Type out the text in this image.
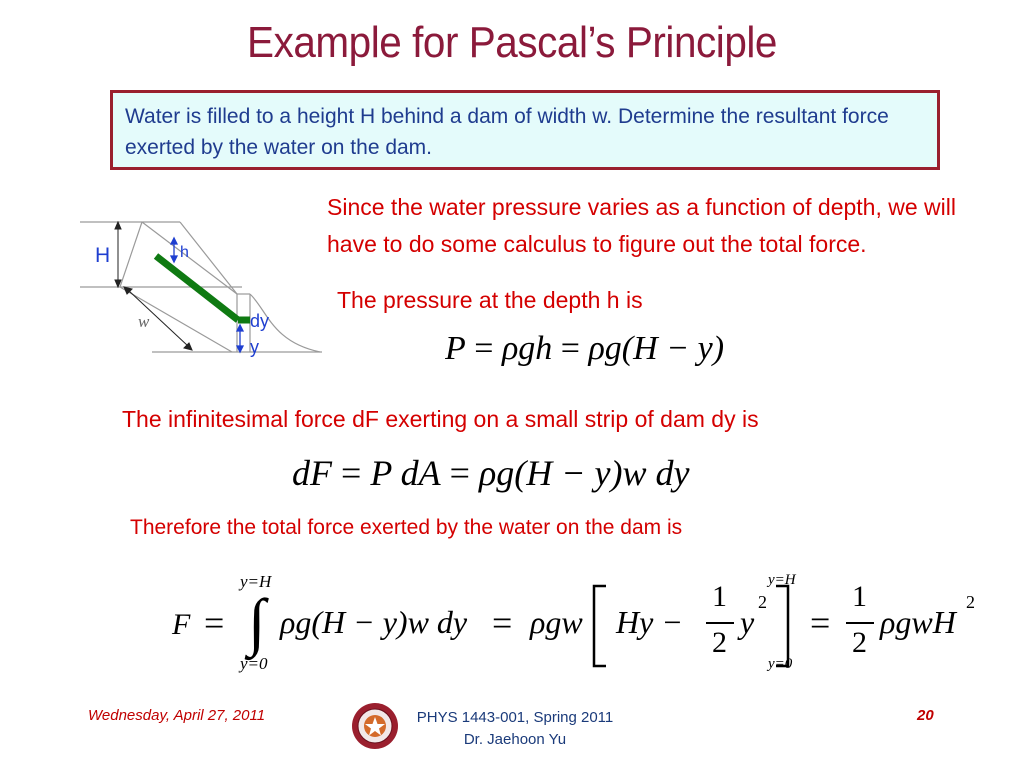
Example for Pascal’s Principle
Water is filled to a height H behind a dam of width w. Determine the resultant force exerted by the water on the dam.
H	h
dy
y
w
Since the water pressure varies as a function of depth, we will have to do some calculus to figure out the total force.
The pressure at the depth h is
P = ρgh = ρg(H − y)
The infinitesimal force dF exerting on a small strip of dam dy is
dF = P dA = ρg(H − y)w dy
Therefore the total force exerted by the water on the dam is
F = ∫
y=H
y=0
ρg(H − y)w dy = ρgw Hy −
1
2
y
2
y=H
y=0
=
1
2
ρgwH
2
Wednesday, April 27, 2011	PHYS 1443-001, Spring 2011
Dr. Jaehoon Yu
20
